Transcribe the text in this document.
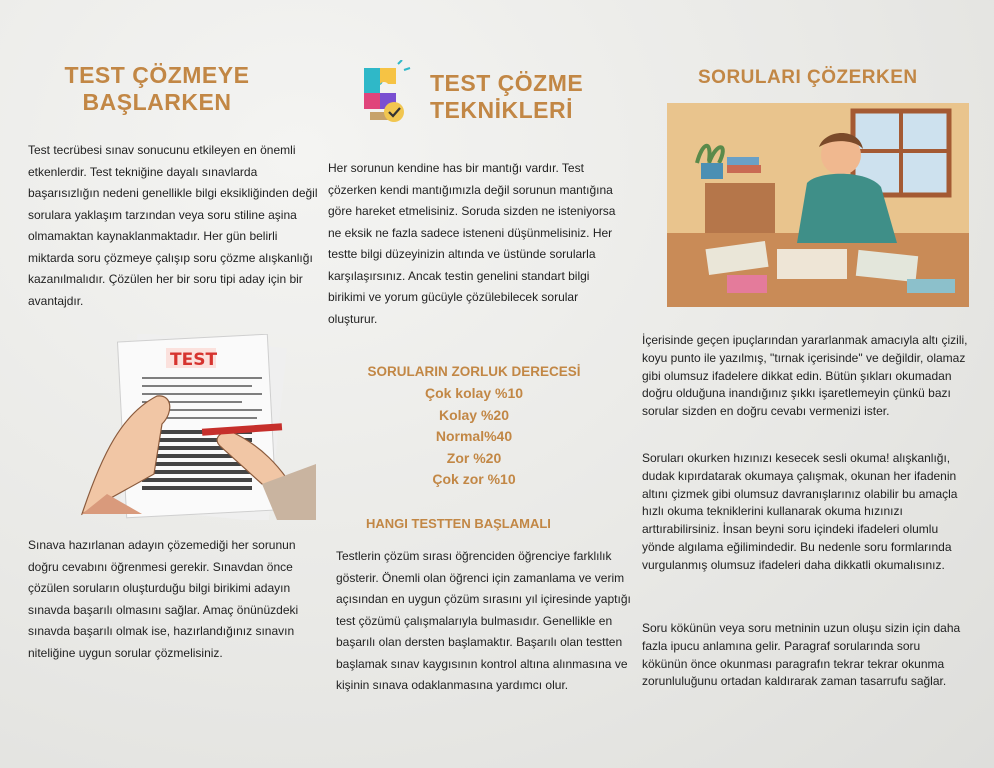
TEST ÇÖZMEYE
BAŞLARKEN

Test tecrübesi sınav sonucunu etkileyen en önemli etkenlerdir. Test tekniğine dayalı sınavlarda başarısızlığın nedeni genellikle bilgi eksikliğinden değil sorulara yaklaşım tarzından veya soru stiline aşina olmamaktan kaynaklanmaktadır. Her gün belirli miktarda soru çözmeye çalışıp soru çözme alışkanlığı kazanılmalıdır. Çözülen her bir soru tipi aday için bir avantajdır.

TEST

Sınava hazırlanan adayın çözemediği her sorunun doğru cevabını öğrenmesi gerekir. Sınavdan önce çözülen soruların oluşturduğu bilgi birikimi adayın sınavda başarılı olmasını sağlar. Amaç önünüzdeki sınavda başarılı olmak ise, hazırlandığınız sınavın niteliğine uygun sorular çözmelisiniz.

TEST ÇÖZME
TEKNİKLERİ

Her sorunun kendine has bir mantığı vardır. Test çözerken kendi mantığımızla değil sorunun mantığına göre hareket etmelisiniz. Soruda sizden ne isteniyorsa ne eksik ne fazla sadece isteneni düşünmelisiniz. Her testte bilgi düzeyinizin altında ve üstünde sorularla karşılaşırsınız. Ancak testin genelini standart bilgi birikimi ve yorum gücüyle çözülebilecek sorular oluşturur.

SORULARIN ZORLUK DERECESİ
Çok kolay %10
Kolay %20
Normal%40
Zor %20
Çok zor %10
HANGI TESTTEN BAŞLAMALI

Testlerin çözüm sırası öğrenciden öğrenciye farklılık gösterir. Önemli olan öğrenci için zamanlama ve verim açısından en uygun çözüm sırasını yıl içiresinde yaptığı test çözümü çalışmalarıyla bulmasıdır. Genellikle en başarılı olan dersten başlamaktır. Başarılı olan testten başlamak sınav kaygısının kontrol altına alınmasına ve kişinin sınava odaklanmasına yardımcı olur.

SORULARI ÇÖZERKEN

İçerisinde geçen ipuçlarından yararlanmak amacıyla altı çizili, koyu punto ile yazılmış, "tırnak içerisinde" ve değildir, olamaz gibi olumsuz ifadelere dikkat edin. Bütün şıkları okumadan doğru olduğuna inandığınız şıkkı işaretlemeyin çünkü bazı sorular sizden en doğru cevabı vermenizi ister.

Soruları okurken hızınızı kesecek sesli okuma! alışkanlığı, dudak kıpırdatarak okumaya çalışmak, okunan her ifadenin altını çizmek gibi olumsuz davranışlarınız olabilir bu amaçla hızlı okuma tekniklerini kullanarak okuma hızınızı arttırabilirsiniz. İnsan beyni soru içindeki ifadeleri olumlu yönde algılama eğilimindedir. Bu nedenle soru formlarında vurgulanmış olumsuz ifadeleri daha dikkatli okumalısınız.

Soru kökünün veya soru metninin uzun oluşu sizin için daha fazla ipucu anlamına gelir. Paragraf sorularında soru kökünün önce okunması paragrafın tekrar tekrar okunma zorunluluğunu ortadan kaldırarak zaman tasarrufu sağlar.
